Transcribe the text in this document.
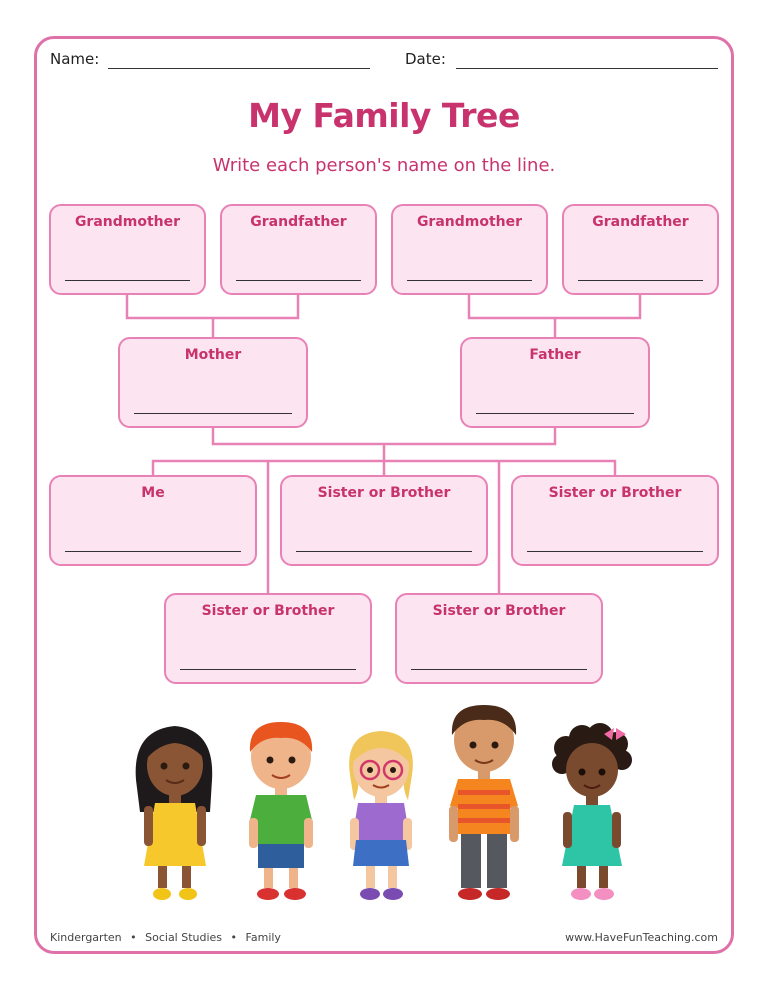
Name:	Date:
My Family Tree
Write each person's name on the line.
Grandmother	Grandfather	Grandmother	Grandfather
Mother	Father
Me	Sister or Brother	Sister or Brother
Sister or Brother	Sister or Brother
Kindergarten • Social Studies • Family	www.HaveFunTeaching.com
